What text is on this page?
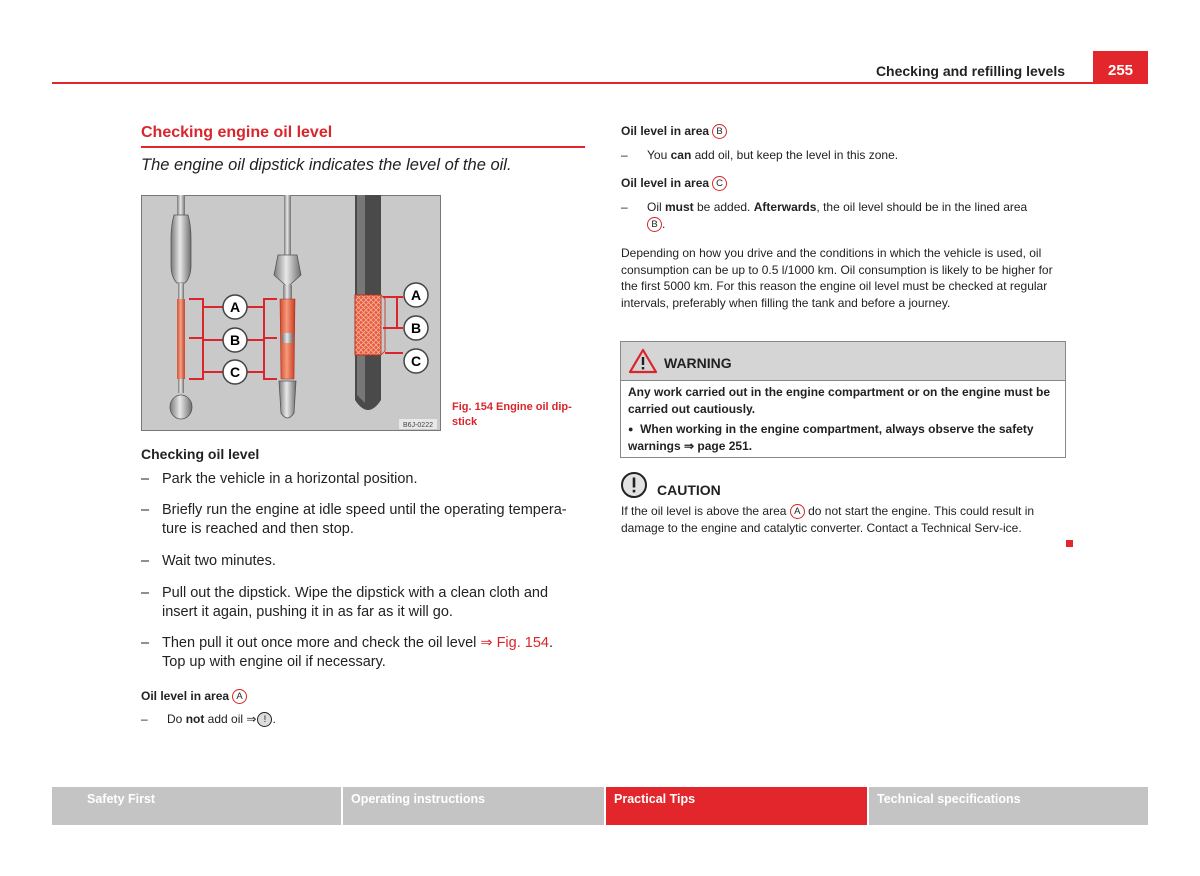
Checking and refilling levels	255
Checking engine oil level
The engine oil dipstick indicates the level of the oil.
A
B
C
A
B
C
B6J-0222
Fig. 154 Engine oil dip-
stick
Checking oil level
– Park the vehicle in a horizontal position.
– Briefly run the engine at idle speed until the operating tempera-
ture is reached and then stop.
– Wait two minutes.
– Pull out the dipstick. Wipe the dipstick with a clean cloth and
insert it again, pushing it in as far as it will go.
– Then pull it out once more and check the oil level ⇒ Fig. 154.
Top up with engine oil if necessary.
Oil level in area A
– Do not add oil ⇒ ! .
Oil level in area B
– You can add oil, but keep the level in this zone.
Oil level in area C
– Oil must be added. Afterwards, the oil level should be in the lined area
B .
Depending on how you drive and the conditions in which the vehicle is used, oil consumption can be up to 0.5 l/1000 km. Oil consumption is likely to be higher for the first 5000 km. For this reason the engine oil level must be checked at regular intervals, preferably when filling the tank and before a journey.
WARNING
Any work carried out in the engine compartment or on the engine must be carried out cautiously.
● When working in the engine compartment, always observe the safety warnings ⇒ page 251.
CAUTION
If the oil level is above the area A do not start the engine. This could result in damage to the engine and catalytic converter. Contact a Technical Serv-ice.
Safety First	Operating instructions	Practical Tips	Technical specifications
